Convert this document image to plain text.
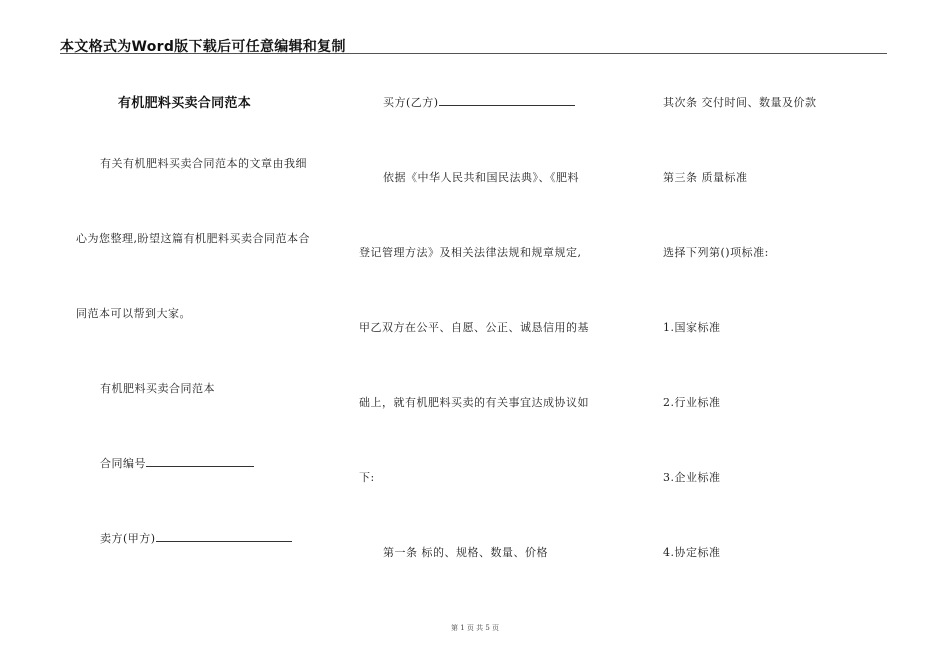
本文格式为Word版下载后可任意编辑和复制
有机肥料买卖合同范本
有关有机肥料买卖合同范本的文章由我细
心为您整理,盼望这篇有机肥料买卖合同范本合
同范本可以帮到大家。
有机肥料买卖合同范本
合同编号
卖方(甲方)
买方(乙方)
依据《中华人民共和国民法典》、《肥料
登记管理方法》及相关法律法规和规章规定,
甲乙双方在公平、自愿、公正、诚恳信用的基
础上，就有机肥料买卖的有关事宜达成协议如
下:
第一条 标的、规格、数量、价格
其次条 交付时间、数量及价款
第三条 质量标准
选择下列第()项标准:
1.国家标准
2.行业标准
3.企业标准
4.协定标准
第 1 页 共 5 页
